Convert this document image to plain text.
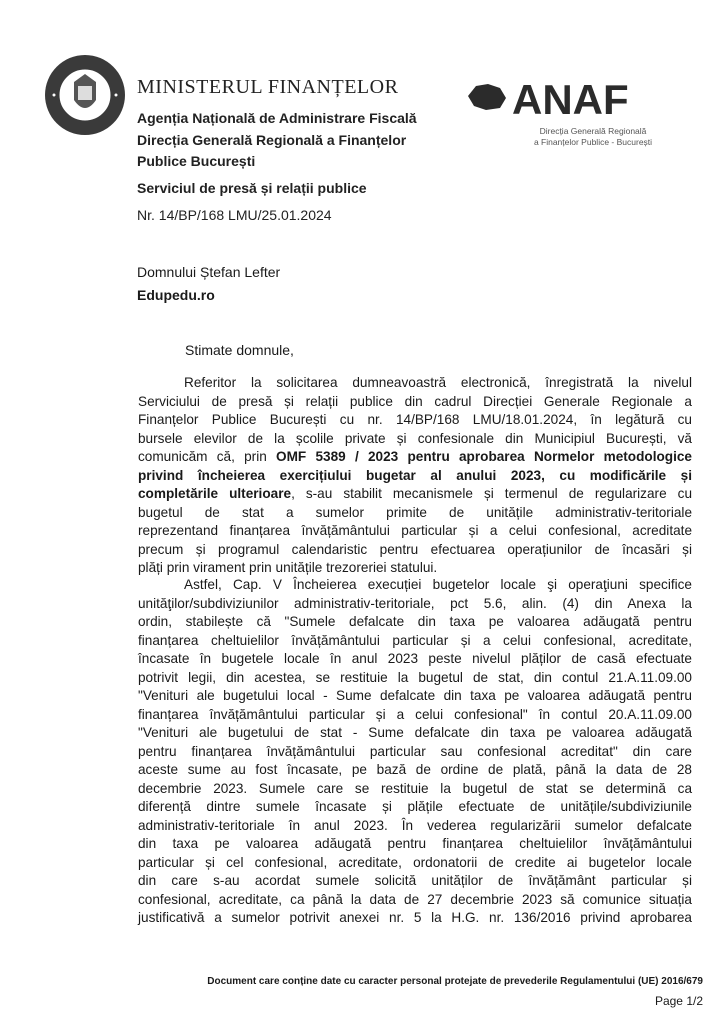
MINISTERUL FINANȚELOR
Agenția Națională de Administrare Fiscală
Direcția Generală Regională a Finanțelor
Publice București
Serviciul de presă și relații publice
Nr. 14/BP/168 LMU/25.01.2024
ANAF
Direcția Generală Regională
a Finanțelor Publice - București
Domnului Ștefan Lefter
Edupedu.ro
Stimate domnule,
Referitor la solicitarea dumneavoastră electronică, înregistrată la nivelul
Serviciului de presă și relații publice din cadrul Direcției Generale Regionale a
Finanțelor Publice București cu nr. 14/BP/168 LMU/18.01.2024, în legătură cu
bursele elevilor de la școlile private și confesionale din Municipiul București, vă
comunicăm că, prin OMF 5389 / 2023 pentru aprobarea Normelor metodologice
privind încheierea exercițiului bugetar al anului 2023, cu modificările și
completările ulterioare, s-au stabilit mecanismele și termenul de regularizare cu
bugetul de stat a sumelor primite de unitățile administrativ-teritoriale
reprezentand finanțarea învățământului particular și a celui confesional, acreditate
precum și programul calendaristic pentru efectuarea operațiunilor de încasări și
plăți prin virament prin unitățile trezoreriei statului.
Astfel, Cap. V Încheierea execuției bugetelor locale şi operaţiuni specifice
unităţilor/subdiviziunilor administrativ-teritoriale, pct 5.6, alin. (4) din Anexa la
ordin, stabilește că "Sumele defalcate din taxa pe valoarea adăugată pentru
finanțarea cheltuielilor învățământului particular și a celui confesional, acreditate,
încasate în bugetele locale în anul 2023 peste nivelul plăților de casă efectuate
potrivit legii, din acestea, se restituie la bugetul de stat, din contul 21.A.11.09.00
"Venituri ale bugetului local - Sume defalcate din taxa pe valoarea adăugată pentru
finanțarea învățământului particular și a celui confesional" în contul 20.A.11.09.00
"Venituri ale bugetului de stat - Sume defalcate din taxa pe valoarea adăugată
pentru finanțarea învățământului particular sau confesional acreditat" din care
aceste sume au fost încasate, pe bază de ordine de plată, până la data de 28
decembrie 2023. Sumele care se restituie la bugetul de stat se determină ca
diferență dintre sumele încasate și plățile efectuate de unitățile/subdiviziunile
administrativ-teritoriale în anul 2023. În vederea regularizării sumelor defalcate
din taxa pe valoarea adăugată pentru finanțarea cheltuielilor învățământului
particular și cel confesional, acreditate, ordonatorii de credite ai bugetelor locale
din care s-au acordat sumele solicită unităților de învățământ particular și
confesional, acreditate, ca până la data de 27 decembrie 2023 să comunice situația
justificativă a sumelor potrivit anexei nr. 5 la H.G. nr. 136/2016 privind aprobarea
Document care conține date cu caracter personal protejate de prevederile Regulamentului (UE) 2016/679
Page 1/2
